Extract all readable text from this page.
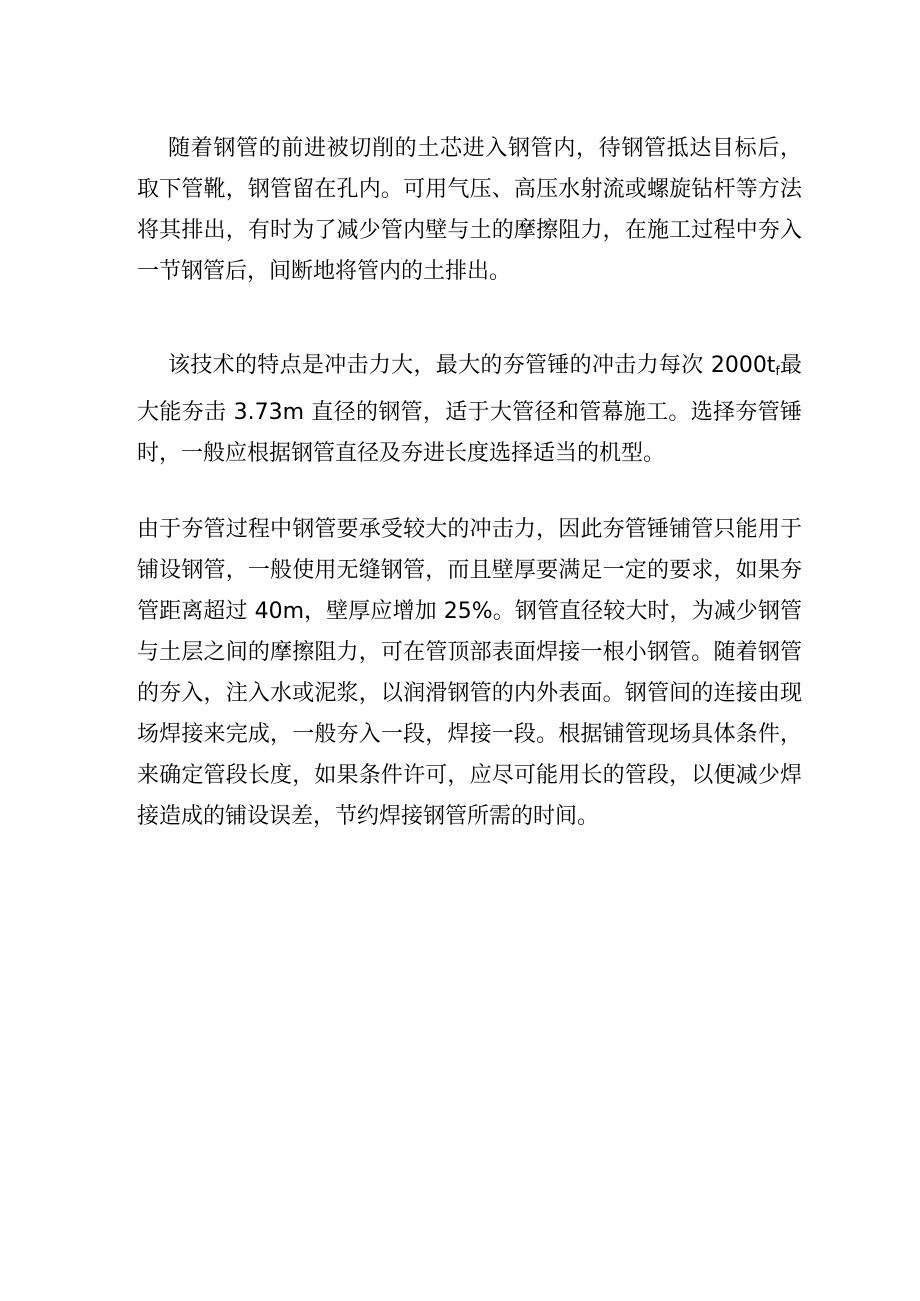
随着钢管的前进被切削的土芯进入钢管内，待钢管抵达目标后，取下管靴，钢管留在孔内。可用气压、高压水射流或螺旋钻杆等方法将其排出，有时为了减少管内壁与土的摩擦阻力，在施工过程中夯入一节钢管后，间断地将管内的土排出。

该技术的特点是冲击力大，最大的夯管锤的冲击力每次 $2000t_f$最大能夯击 3.73m 直径的钢管，适于大管径和管幕施工。选择夯管锤时，一般应根据钢管直径及夯进长度选择适当的机型。

由于夯管过程中钢管要承受较大的冲击力，因此夯管锤铺管只能用于铺设钢管，一般使用无缝钢管，而且壁厚要满足一定的要求，如果夯管距离超过 40m，壁厚应增加 25%。钢管直径较大时，为减少钢管与土层之间的摩擦阻力，可在管顶部表面焊接一根小钢管。随着钢管的夯入，注入水或泥浆，以润滑钢管的内外表面。钢管间的连接由现场焊接来完成，一般夯入一段，焊接一段。根据铺管现场具体条件，来确定管段长度，如果条件许可，应尽可能用长的管段，以便减少焊接造成的铺设误差，节约焊接钢管所需的时间。
